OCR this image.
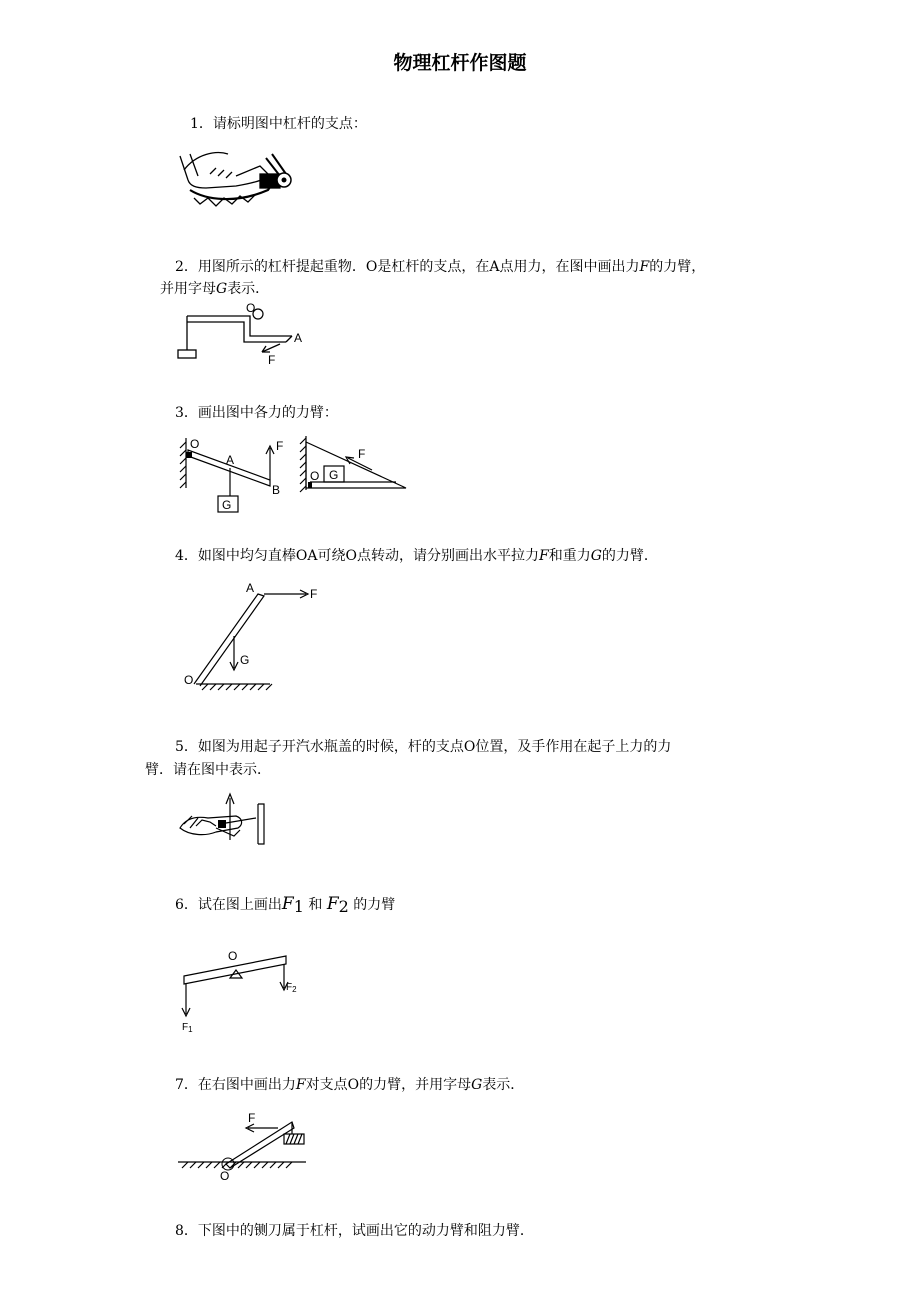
物理杠杆作图题
1．请标明图中杠杆的支点：
2．用图所示的杠杆提起重物．O是杠杆的支点，在A点用力，在图中画出力F的力臂，
并用字母G表示．
O
A
F
3．画出图中各力的力臂：
O
A
F
B
G
O G
F
4．如图中均匀直棒OA可绕O点转动，请分别画出水平拉力F和重力G的力臂．
A	F
G
O
5．如图为用起子开汽水瓶盖的时候，杆的支点O位置，及手作用在起子上力的力
臂．请在图中表示．
6．试在图上画出F1 和 F2 的力臂
O
$F_2$
$F_1$
7．在右图中画出力F对支点O的力臂，并用字母G表示．
F
O
8．下图中的铡刀属于杠杆，试画出它的动力臂和阻力臂．
